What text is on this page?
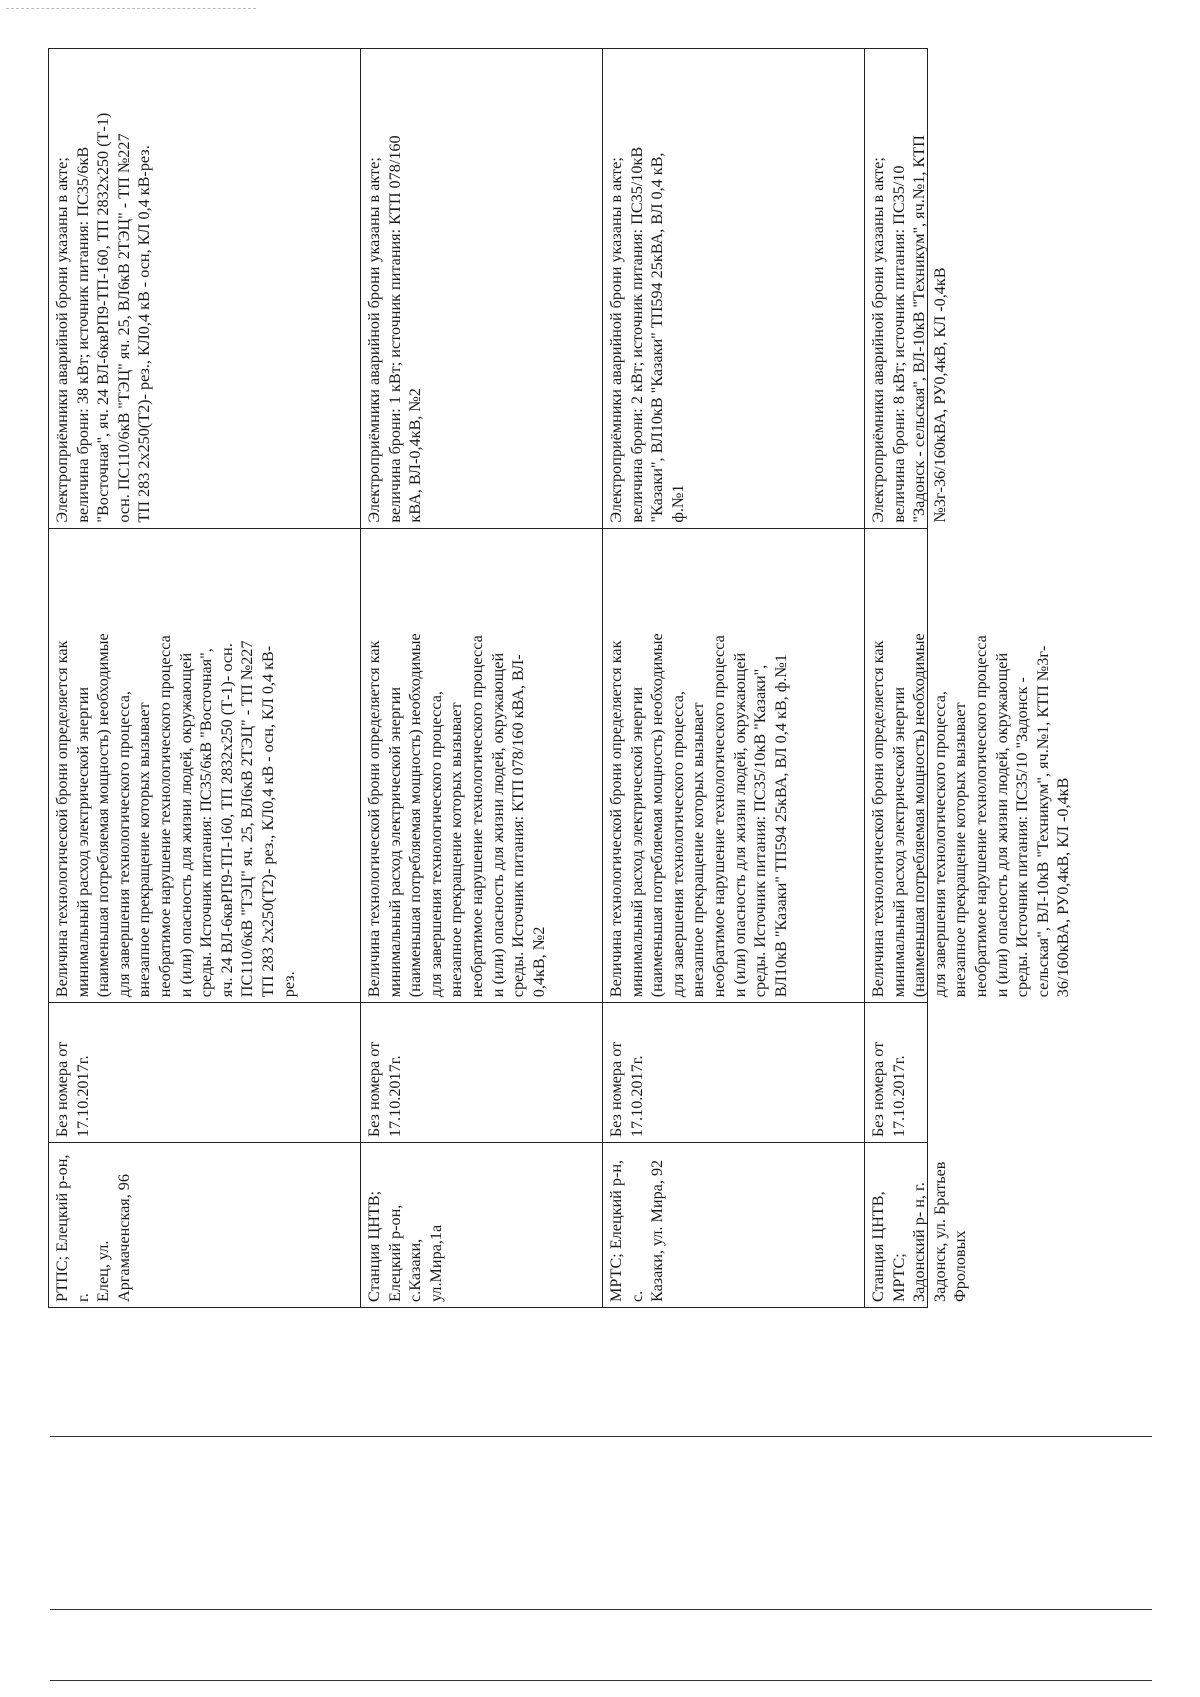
РТПС; Елецкий р-он, г.
Елец, ул.
Аргамаченская, 96
Без номера от
17.10.2017г.
Величина технологической брони определяется как
минимальный расход электрической энергии
(наименьшая потребляемая мощность) необходимые
для завершения технологического процесса,
внезапное прекращение которых вызывает
необратимое нарушение технологического процесса
и (или) опасность для жизни людей, окружающей
среды. Источник питания: ПС35/6кВ "Восточная",
яч. 24 ВЛ-6квРП9-ТП-160, ТП 2832х250 (Т-1)- осн.
ПС110/6кВ "ТЭЦ" яч. 25, ВЛ6кВ 2ТЭЦ" - ТП №227
ТП 283 2х250(Т2)- рез., КЛ0,4 кВ - осн, КЛ 0,4 кВ-
рез.
Электроприёмники аварийной брони указаны в акте;
величина брони: 38 кВт; источник питания: ПС35/6кВ
"Восточная", яч. 24 ВЛ-6квРП9-ТП-160, ТП 2832х250 (Т-1)
осн. ПС110/6кВ "ТЭЦ" яч. 25, ВЛ6кВ 2ТЭЦ" - ТП №227
ТП 283 2х250(Т2)- рез., КЛ0,4 кВ - осн, КЛ 0,4 кВ-рез.
Станция ЦНТВ;
Елецкий р-он, с.Казаки,
ул.Мира,1а
Без номера от
17.10.2017г.
Величина технологической брони определяется как
минимальный расход электрической энергии
(наименьшая потребляемая мощность) необходимые
для завершения технологического процесса,
внезапное прекращение которых вызывает
необратимое нарушение технологического процесса
и (или) опасность для жизни людей, окружающей
среды. Источник питания: КТП 078/160 кВА, ВЛ-
0,4кВ, №2
Электроприёмники аварийной брони указаны в акте;
величина брони: 1 кВт; источник питания: КТП 078/160
кВА, ВЛ-0,4кВ, №2
МРТС; Елецкий р-н, с.
Казаки, ул. Мира, 92
Без номера от
17.10.2017г.
Величина технологической брони определяется как
минимальный расход электрической энергии
(наименьшая потребляемая мощность) необходимые
для завершения технологического процесса,
внезапное прекращение которых вызывает
необратимое нарушение технологического процесса
и (или) опасность для жизни людей, окружающей
среды. Источник питания: ПС35/10кВ "Казаки",
ВЛ10кВ "Казаки" ТП594 25кВА, ВЛ 0,4 кВ, ф.№1
Электроприёмники аварийной брони указаны в акте;
величина брони: 2 кВт; источник питания: ПС35/10кВ
"Казаки", ВЛ10кВ "Казаки" ТП594 25кВА, ВЛ 0,4 кВ,
ф.№1
Станция ЦНТВ, МРТС;
Задонский р- н, г.
Задонск, ул. Братьев
Фроловых
Без номера от
17.10.2017г.
Величина технологической брони определяется как
минимальный расход электрической энергии
(наименьшая потребляемая мощность) необходимые
для завершения технологического процесса,
внезапное прекращение которых вызывает
необратимое нарушение технологического процесса
и (или) опасность для жизни людей, окружающей
среды. Источник питания: ПС35/10 "Задонск -
сельская", ВЛ-10кВ "Техникум", яч.№1, КТП №3г-
36/160кВА, РУ0,4кВ, КЛ -0,4кВ
Электроприёмники аварийной брони указаны в акте;
величина брони: 8 кВт; источник питания: ПС35/10
"Задонск - сельская", ВЛ-10кВ "Техникум", яч.№1, КТП
№3г-36/160кВА, РУ0,4кВ, КЛ -0,4кВ
